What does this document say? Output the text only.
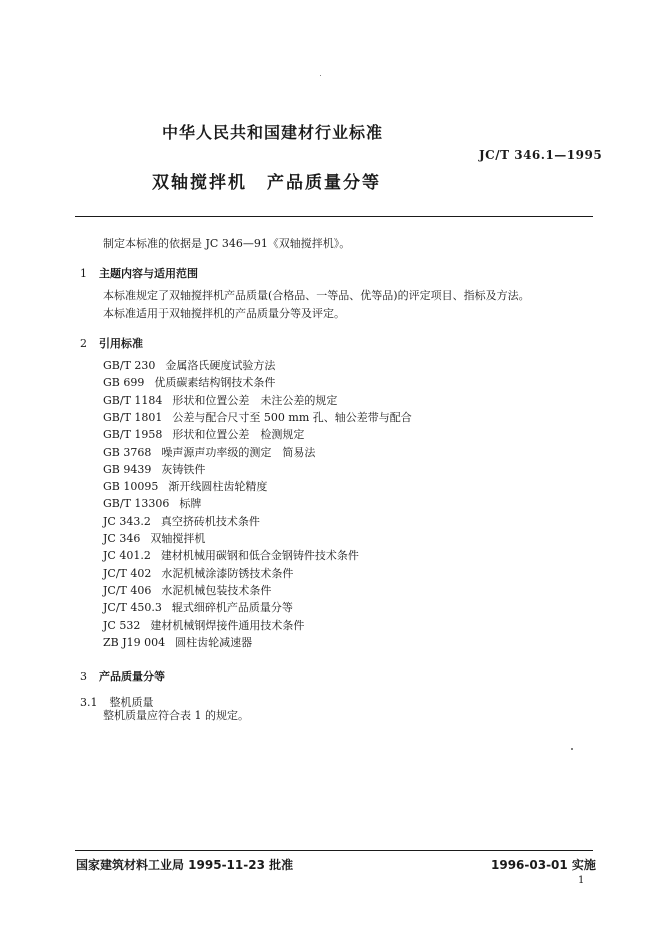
中华人民共和国建材行业标准
JC/T 346.1—1995
双轴搅拌机 产品质量分等
制定本标准的依据是 JC 346—91《双轴搅拌机》。
1 主题内容与适用范围
本标准规定了双轴搅拌机产品质量(合格品、一等品、优等品)的评定项目、指标及方法。
本标准适用于双轴搅拌机的产品质量分等及评定。
2 引用标准
GB/T 230 金属洛氏硬度试验方法
GB 699 优质碳素结构钢技术条件
GB/T 1184 形状和位置公差　未注公差的规定
GB/T 1801 公差与配合尺寸至 500 mm 孔、轴公差带与配合
GB/T 1958 形状和位置公差　检测规定
GB 3768 噪声源声功率级的测定　简易法
GB 9439 灰铸铁件
GB 10095 渐开线圆柱齿轮精度
GB/T 13306 标牌
JC 343.2 真空挤砖机技术条件
JC 346 双轴搅拌机
JC 401.2 建材机械用碳钢和低合金钢铸件技术条件
JC/T 402 水泥机械涂漆防锈技术条件
JC/T 406 水泥机械包装技术条件
JC/T 450.3 辊式细碎机产品质量分等
JC 532 建材机械钢焊接件通用技术条件
ZB J19 004 圆柱齿轮减速器
3 产品质量分等
3.1 整机质量
整机质量应符合表 1 的规定。
国家建筑材料工业局 1995-11-23 批准	1996-03-01 实施
1
